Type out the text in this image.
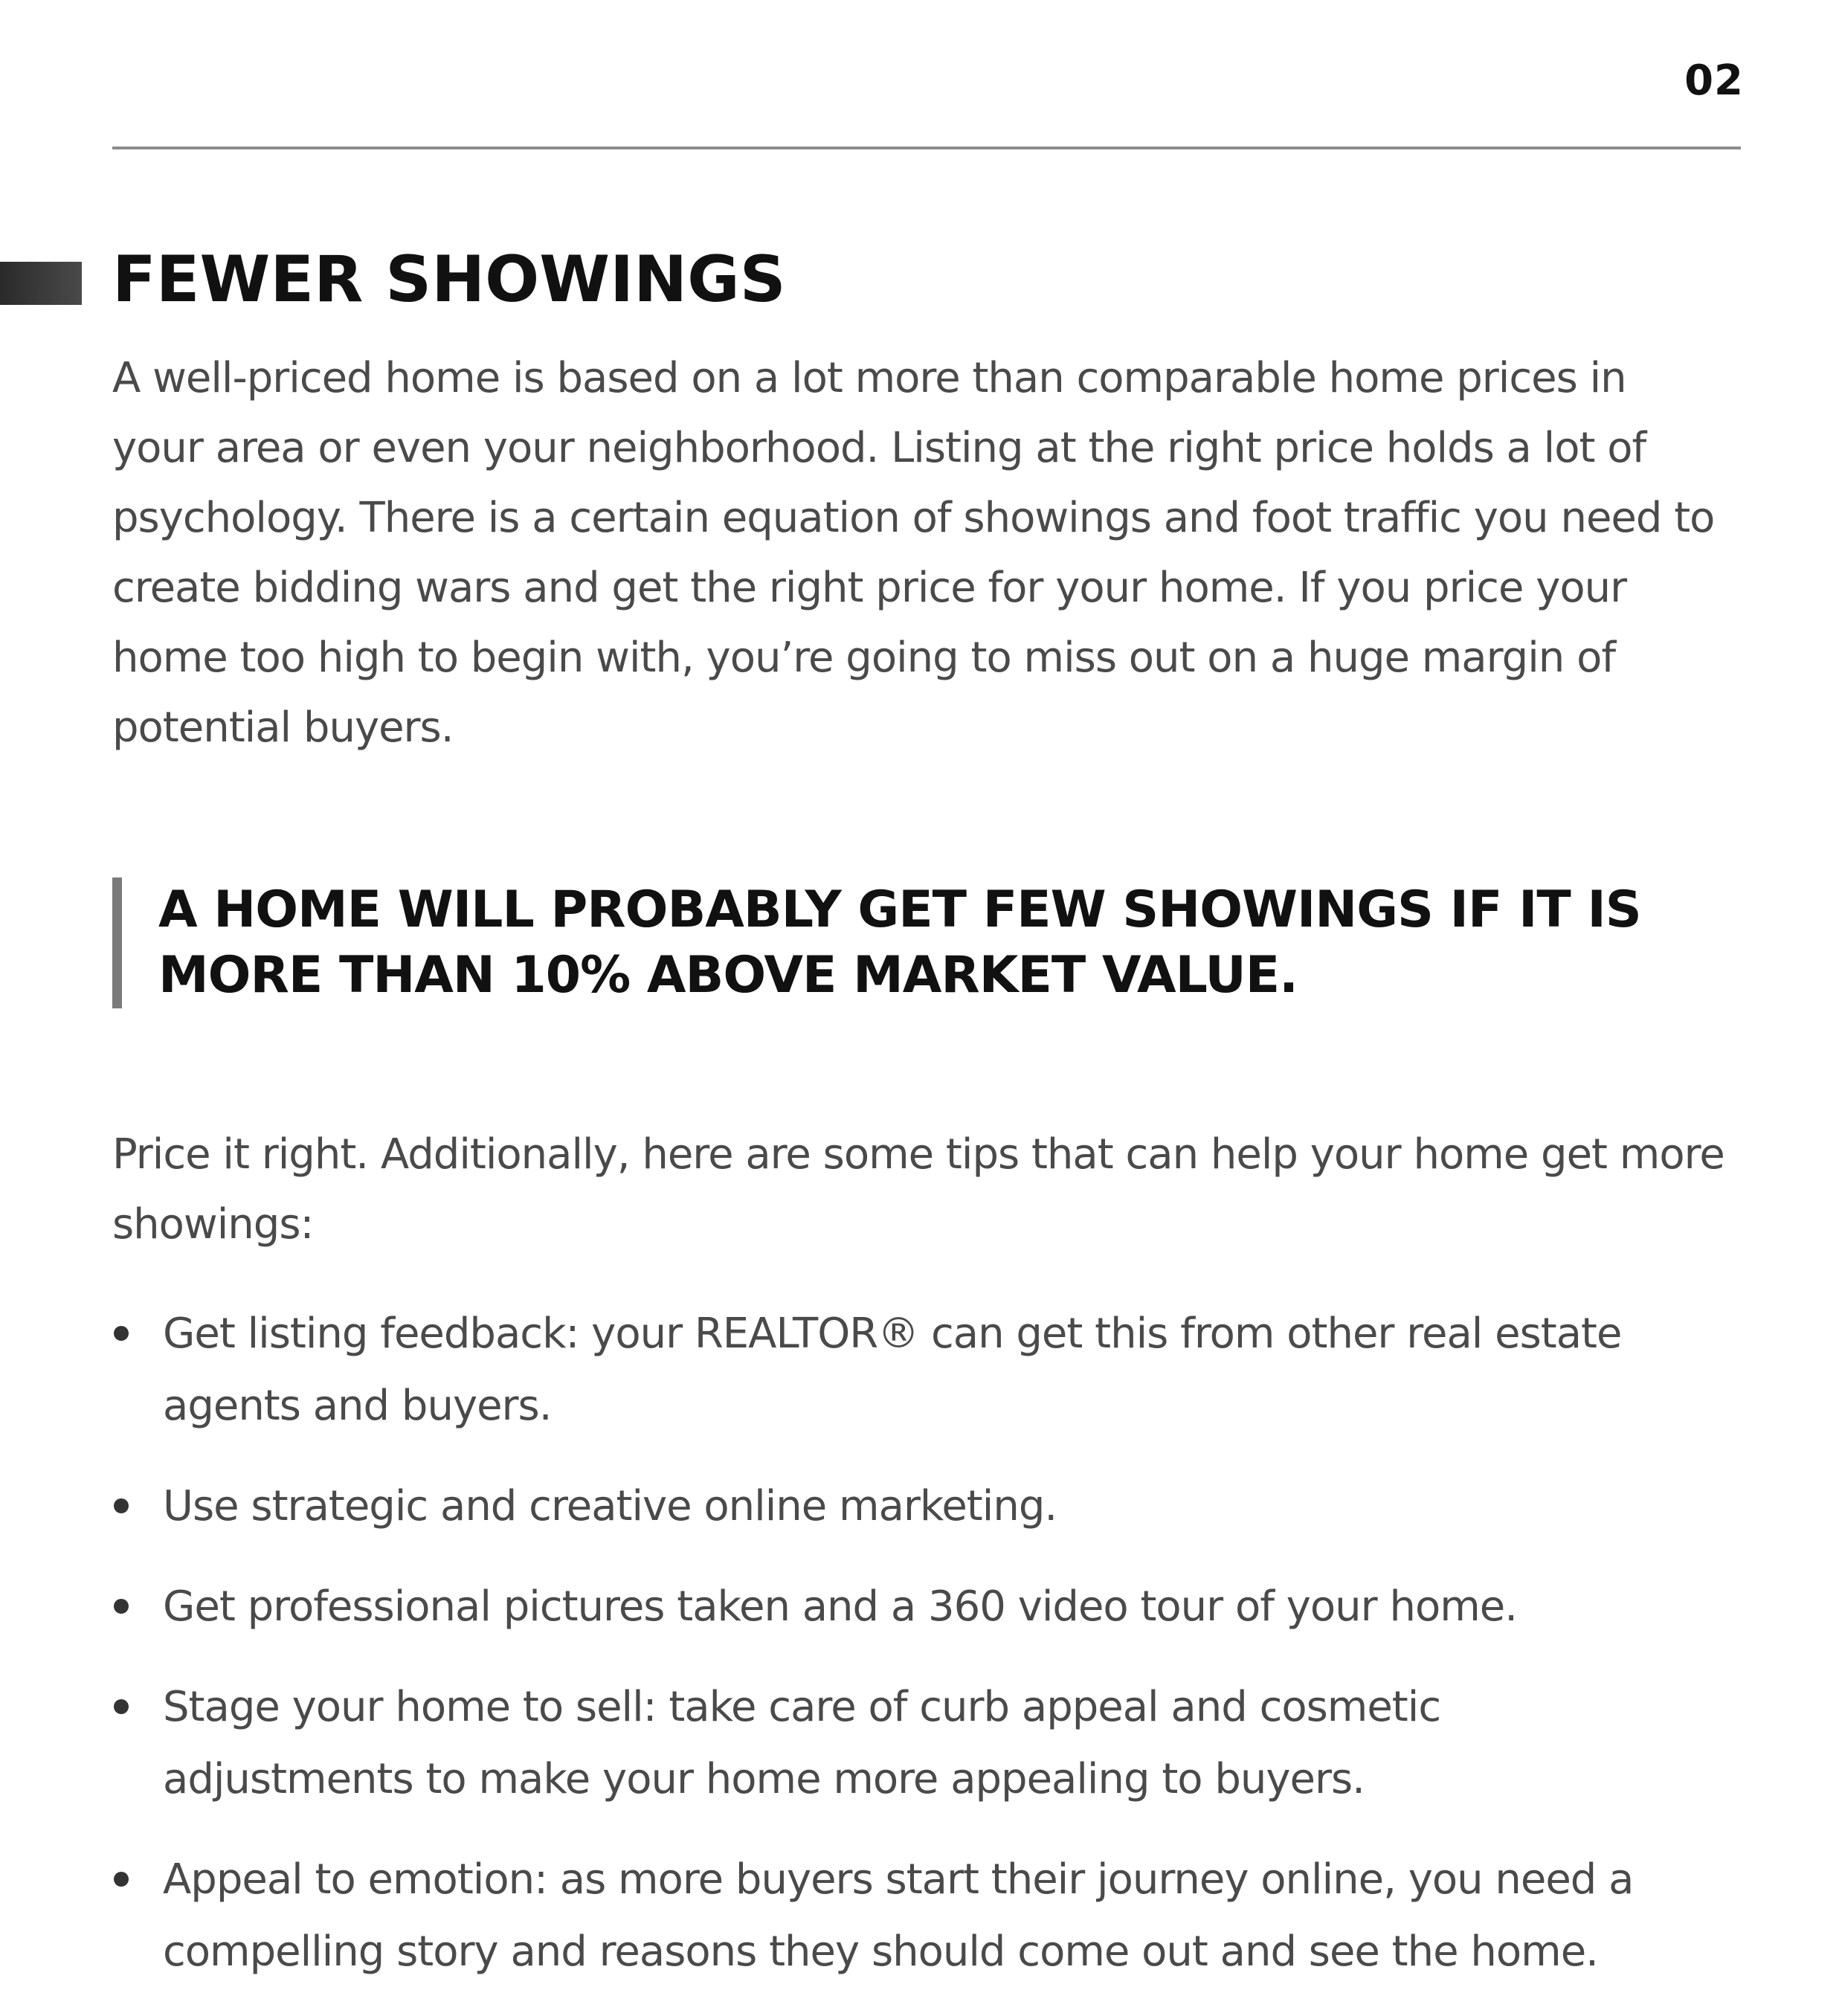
02
FEWER SHOWINGS

A well-priced home is based on a lot more than comparable home prices in
your area or even your neighborhood. Listing at the right price holds a lot of
psychology. There is a certain equation of showings and foot traffic you need to
create bidding wars and get the right price for your home. If you price your
home too high to begin with, you’re going to miss out on a huge margin of
potential buyers.

A HOME WILL PROBABLY GET FEW SHOWINGS IF IT IS
MORE THAN 10% ABOVE MARKET VALUE.

Price it right. Additionally, here are some tips that can help your home get more
showings:

Get listing feedback: your REALTOR® can get this from other real estate
agents and buyers.
Use strategic and creative online marketing.
Get professional pictures taken and a 360 video tour of your home.
Stage your home to sell: take care of curb appeal and cosmetic
adjustments to make your home more appealing to buyers.
Appeal to emotion: as more buyers start their journey online, you need a
compelling story and reasons they should come out and see the home.
